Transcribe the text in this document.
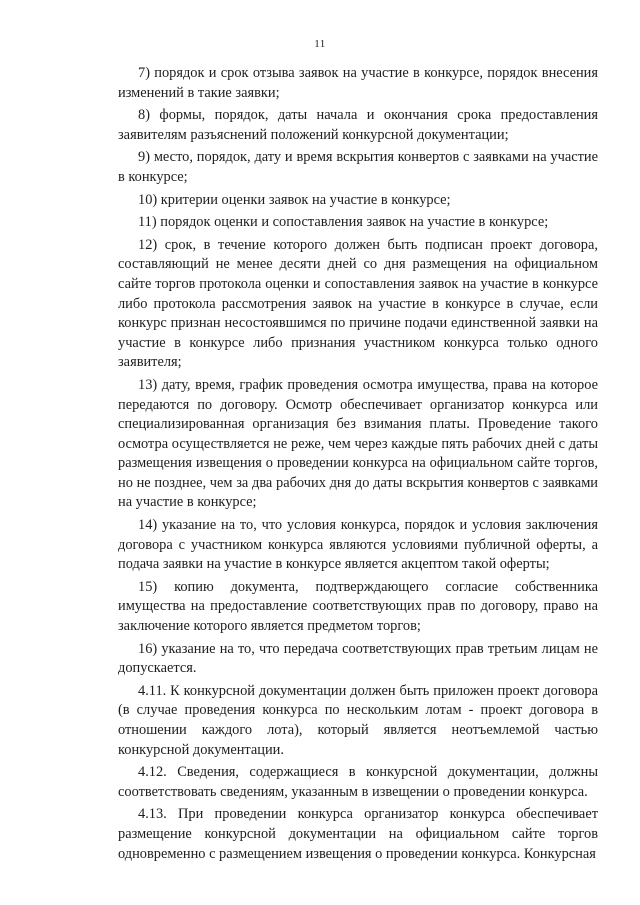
11

7) порядок и срок отзыва заявок на участие в конкурсе, порядок внесения изменений в такие заявки;

8) формы, порядок, даты начала и окончания срока предоставления заявителям разъяснений положений конкурсной документации;

9) место, порядок, дату и время вскрытия конвертов с заявками на участие в конкурсе;

10) критерии оценки заявок на участие в конкурсе;

11) порядок оценки и сопоставления заявок на участие в конкурсе;

12) срок, в течение которого должен быть подписан проект договора, составляющий не менее десяти дней со дня размещения на официальном сайте торгов протокола оценки и сопоставления заявок на участие в конкурсе либо протокола рассмотрения заявок на участие в конкурсе в случае, если конкурс признан несостоявшимся по причине подачи единственной заявки на участие в конкурсе либо признания участником конкурса только одного заявителя;

13) дату, время, график проведения осмотра имущества, права на которое передаются по договору. Осмотр обеспечивает организатор конкурса или специализированная организация без взимания платы. Проведение такого осмотра осуществляется не реже, чем через каждые пять рабочих дней с даты размещения извещения о проведении конкурса на официальном сайте торгов, но не позднее, чем за два рабочих дня до даты вскрытия конвертов с заявками на участие в конкурсе;

14) указание на то, что условия конкурса, порядок и условия заключения договора с участником конкурса являются условиями публичной оферты, а подача заявки на участие в конкурсе является акцептом такой оферты;

15) копию документа, подтверждающего согласие собственника имущества на предоставление соответствующих прав по договору, право на заключение которого является предметом торгов;

16) указание на то, что передача соответствующих прав третьим лицам не допускается.

4.11. К конкурсной документации должен быть приложен проект договора (в случае проведения конкурса по нескольким лотам - проект договора в отношении каждого лота), который является неотъемлемой частью конкурсной документации.

4.12. Сведения, содержащиеся в конкурсной документации, должны соответствовать сведениям, указанным в извещении о проведении конкурса.

4.13. При проведении конкурса организатор конкурса обеспечивает размещение конкурсной документации на официальном сайте торгов одновременно с размещением извещения о проведении конкурса. Конкурсная
